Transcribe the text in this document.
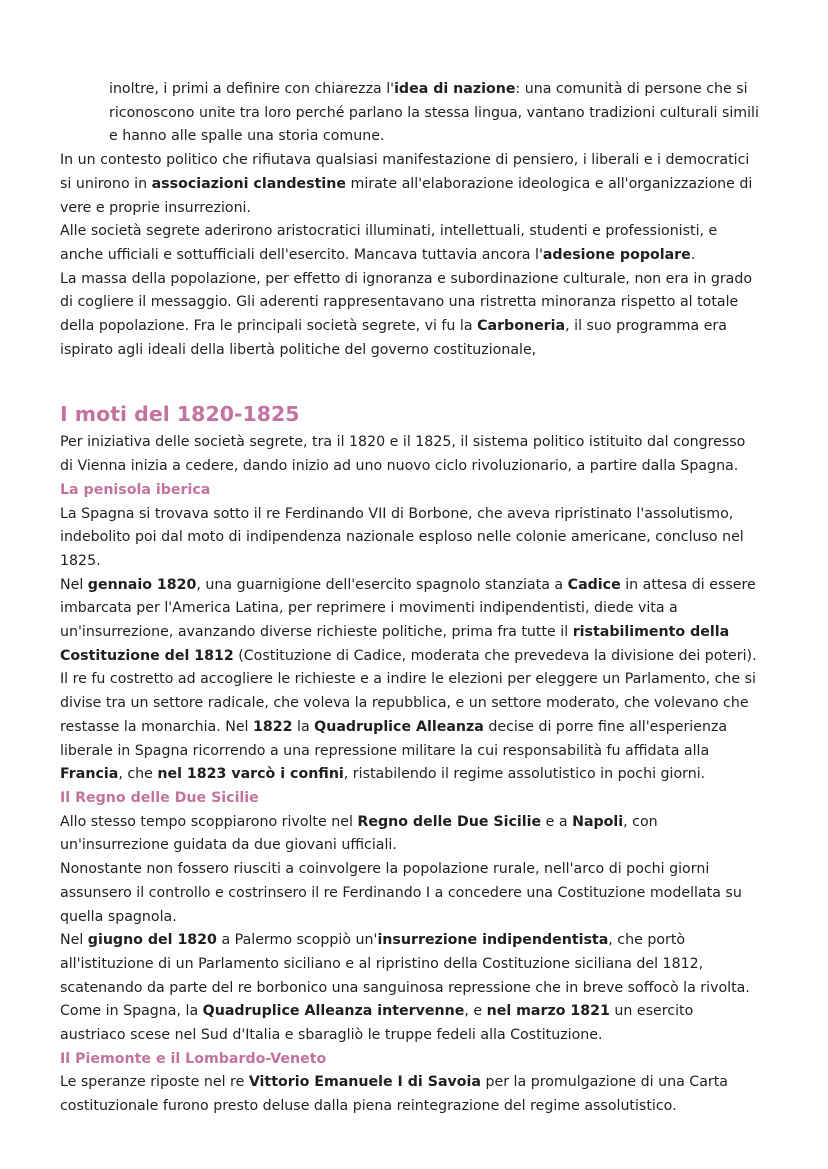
inoltre, i primi a definire con chiarezza l'idea di nazione: una comunità di persone che si riconoscono unite tra loro perché parlano la stessa lingua, vantano tradizioni culturali simili e hanno alle spalle una storia comune.

In un contesto politico che rifiutava qualsiasi manifestazione di pensiero, i liberali e i democratici si unirono in associazioni clandestine mirate all'elaborazione ideologica e all'organizzazione di vere e proprie insurrezioni.

Alle società segrete aderirono aristocratici illuminati, intellettuali, studenti e professionisti, e anche ufficiali e sottufficiali dell'esercito. Mancava tuttavia ancora l'adesione popolare.

La massa della popolazione, per effetto di ignoranza e subordinazione culturale, non era in grado di cogliere il messaggio. Gli aderenti rappresentavano una ristretta minoranza rispetto al totale della popolazione. Fra le principali società segrete, vi fu la Carboneria, il suo programma era ispirato agli ideali della libertà politiche del governo costituzionale,

I moti del 1820-1825

Per iniziativa delle società segrete, tra il 1820 e il 1825, il sistema politico istituito dal congresso di Vienna inizia a cedere, dando inizio ad uno nuovo ciclo rivoluzionario, a partire dalla Spagna.

La penisola iberica

La Spagna si trovava sotto il re Ferdinando VII di Borbone, che aveva ripristinato l'assolutismo, indebolito poi dal moto di indipendenza nazionale esploso nelle colonie americane, concluso nel 1825.

Nel gennaio 1820, una guarnigione dell'esercito spagnolo stanziata a Cadice in attesa di essere imbarcata per l'America Latina, per reprimere i movimenti indipendentisti, diede vita a un'insurrezione, avanzando diverse richieste politiche, prima fra tutte il ristabilimento della Costituzione del 1812 (Costituzione di Cadice, moderata che prevedeva la divisione dei poteri).

Il re fu costretto ad accogliere le richieste e a indire le elezioni per eleggere un Parlamento, che si divise tra un settore radicale, che voleva la repubblica, e un settore moderato, che volevano che restasse la monarchia. Nel 1822 la Quadruplice Alleanza decise di porre fine all'esperienza liberale in Spagna ricorrendo a una repressione militare la cui responsabilità fu affidata alla Francia, che nel 1823 varcò i confini, ristabilendo il regime assolutistico in pochi giorni.

Il Regno delle Due Sicilie

Allo stesso tempo scoppiarono rivolte nel Regno delle Due Sicilie e a Napoli, con un'insurrezione guidata da due giovani ufficiali.

Nonostante non fossero riusciti a coinvolgere la popolazione rurale, nell'arco di pochi giorni assunsero il controllo e costrinsero il re Ferdinando I a concedere una Costituzione modellata su quella spagnola.

Nel giugno del 1820 a Palermo scoppiò un'insurrezione indipendentista, che portò all'istituzione di un Parlamento siciliano e al ripristino della Costituzione siciliana del 1812, scatenando da parte del re borbonico una sanguinosa repressione che in breve soffocò la rivolta. Come in Spagna, la Quadruplice Alleanza intervenne, e nel marzo 1821 un esercito austriaco scese nel Sud d'Italia e sbaragliò le truppe fedeli alla Costituzione.

Il Piemonte e il Lombardo-Veneto

Le speranze riposte nel re Vittorio Emanuele I di Savoia per la promulgazione di una Carta costituzionale furono presto deluse dalla piena reintegrazione del regime assolutistico.
